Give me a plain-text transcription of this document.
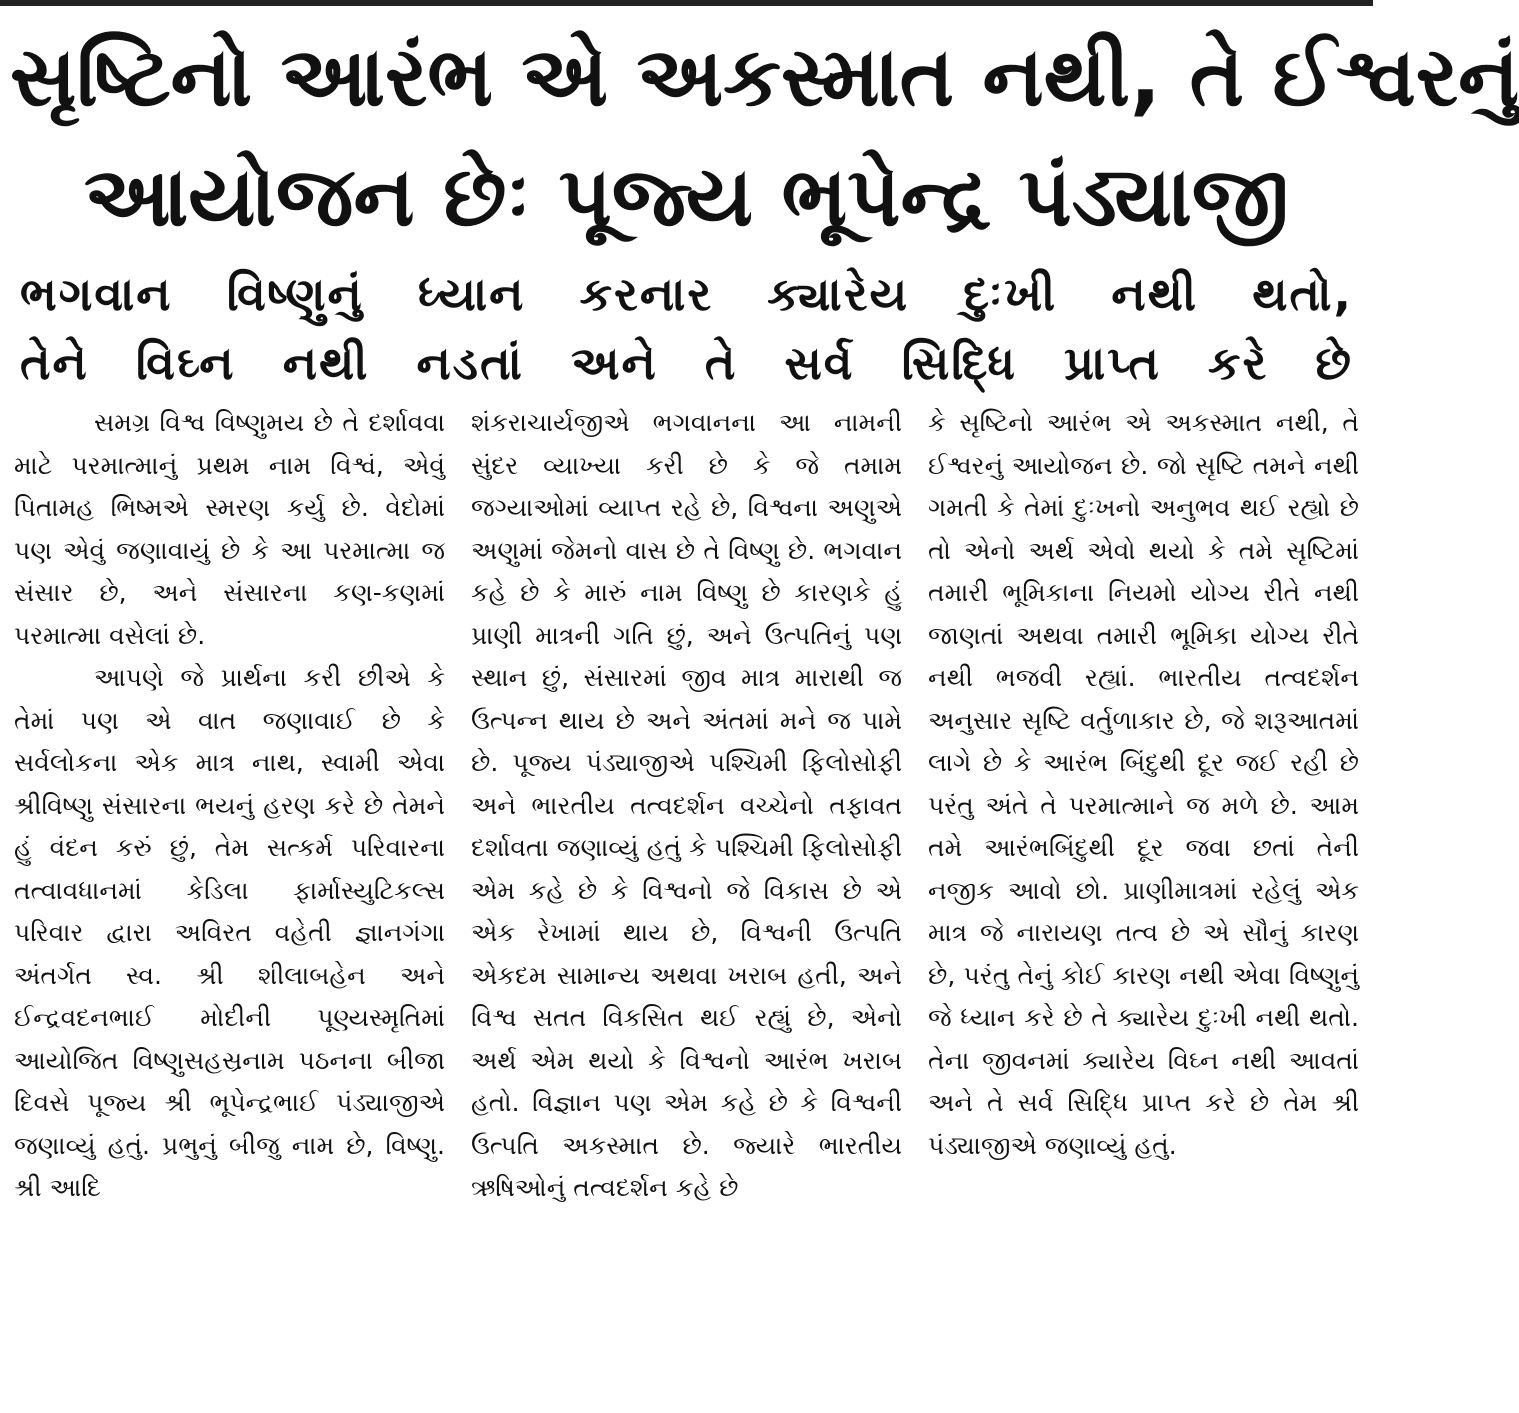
સૃષ્ટિનો આરંભ એ અકસ્માત નથી, તે ઈશ્વરનું
આયોજન છેઃ પૂજ્ય ભૂપેન્દ્ર પંડ્યાજી
ભગવાન વિષ્ણુનું ધ્યાન કરનાર ક્યારેય દુઃખી નથી થતો,
તેને વિઘ્ન નથી નડતાં અને તે સર્વ સિદ્ધિ પ્રાપ્ત કરે છે

સમગ્ર વિશ્વ વિષ્ણુમય છે તે દર્શાવવા માટે પરમાત્માનું પ્રથમ નામ વિશ્વં, એવું પિતામહ ભિષ્મએ સ્મરણ કર્યુ છે. વેદોમાં પણ એવું જણાવાયું છે કે આ પરમાત્મા જ સંસાર છે, અને સંસારના કણ-કણમાં પરમાત્મા વસેલાં છે.

આપણે જે પ્રાર્થના કરી છીએ કે તેમાં પણ એ વાત જણાવાઈ છે કે સર્વલોકના એક માત્ર નાથ, સ્વામી એવા શ્રીવિષ્ણુ સંસારના ભયનું હરણ કરે છે તેમને હું વંદન કરું છું, તેમ સત્કર્મ પરિવારના તત્વાવધાનમાં કેડિલા ફાર્માસ્યુટિકલ્સ પરિવાર દ્વારા અવિરત વહેતી જ્ઞાનગંગા અંતર્ગત સ્વ. શ્રી શીલાબહેન અને ઈન્દ્રવદનભાઈ મોદીની પૂણ્યસ્મૃતિમાં આયોજિત વિષ્ણુસહસ્રનામ પઠનના બીજા દિવસે પૂજ્ય શ્રી ભૂપેન્દ્રભાઈ પંડ્યાજીએ જણાવ્યું હતું. પ્રભુનું બીજુ નામ છે, વિષ્ણુ. શ્રી આદિ

શંકરાચાર્યજીએ ભગવાનના આ નામની સુંદર વ્યાખ્યા કરી છે કે જે તમામ જગ્યાઓમાં વ્યાપ્ત રહે છે, વિશ્વના અણુએ અણુમાં જેમનો વાસ છે તે વિષ્ણુ છે. ભગવાન કહે છે કે મારું નામ વિષ્ણુ છે કારણકે હું પ્રાણી માત્રની ગતિ છું, અને ઉત્પતિનું પણ સ્થાન છું, સંસારમાં જીવ માત્ર મારાથી જ ઉત્પન્ન થાય છે અને અંતમાં મને જ પામે છે. પૂજ્ય પંડ્યાજીએ પશ્ચિમી ફિલોસોફી અને ભારતીય તત્વદર્શન વચ્ચેનો તફાવત દર્શાવતા જણાવ્યું હતું કે પશ્ચિમી ફિલોસોફી એમ કહે છે કે વિશ્વનો જે વિકાસ છે એ એક રેખામાં થાય છે, વિશ્વની ઉત્પતિ એકદમ સામાન્ય અથવા ખરાબ હતી, અને વિશ્વ સતત વિકસિત થઈ રહ્યું છે, એનો અર્થ એમ થયો કે વિશ્વનો આરંભ ખરાબ હતો. વિજ્ઞાન પણ એમ કહે છે કે વિશ્વની ઉત્પતિ અકસ્માત છે. જ્યારે ભારતીય ઋષિઓનું તત્વદર્શન કહે છે

કે સૃષ્ટિનો આરંભ એ અકસ્માત નથી, તે ઈશ્વરનું આયોજન છે. જો સૃષ્ટિ તમને નથી ગમતી કે તેમાં દુઃખનો અનુભવ થઈ રહ્યો છે તો એનો અર્થ એવો થયો કે તમે સૃષ્ટિમાં તમારી ભૂમિકાના નિયમો યોગ્ય રીતે નથી જાણતાં અથવા તમારી ભૂમિકા યોગ્ય રીતે નથી ભજવી રહ્યાં. ભારતીય તત્વદર્શન અનુસાર સૃષ્ટિ વર્તુળાકાર છે, જે શરૂઆતમાં લાગે છે કે આરંભ બિંદુથી દૂર જઈ રહી છે પરંતુ અંતે તે પરમાત્માને જ મળે છે. આમ તમે આરંભબિંદુથી દૂર જવા છતાં તેની નજીક આવો છો. પ્રાણીમાત્રમાં રહેલું એક માત્ર જે નારાયણ તત્વ છે એ સૌનું કારણ છે, પરંતુ તેનું કોઈ કારણ નથી એવા વિષ્ણુનું જે ધ્યાન કરે છે તે ક્યારેય દુઃખી નથી થતો. તેના જીવનમાં ક્યારેય વિઘ્ન નથી આવતાં અને તે સર્વ સિદ્ધિ પ્રાપ્ત કરે છે તેમ શ્રી પંડ્યાજીએ જણાવ્યું હતું.
